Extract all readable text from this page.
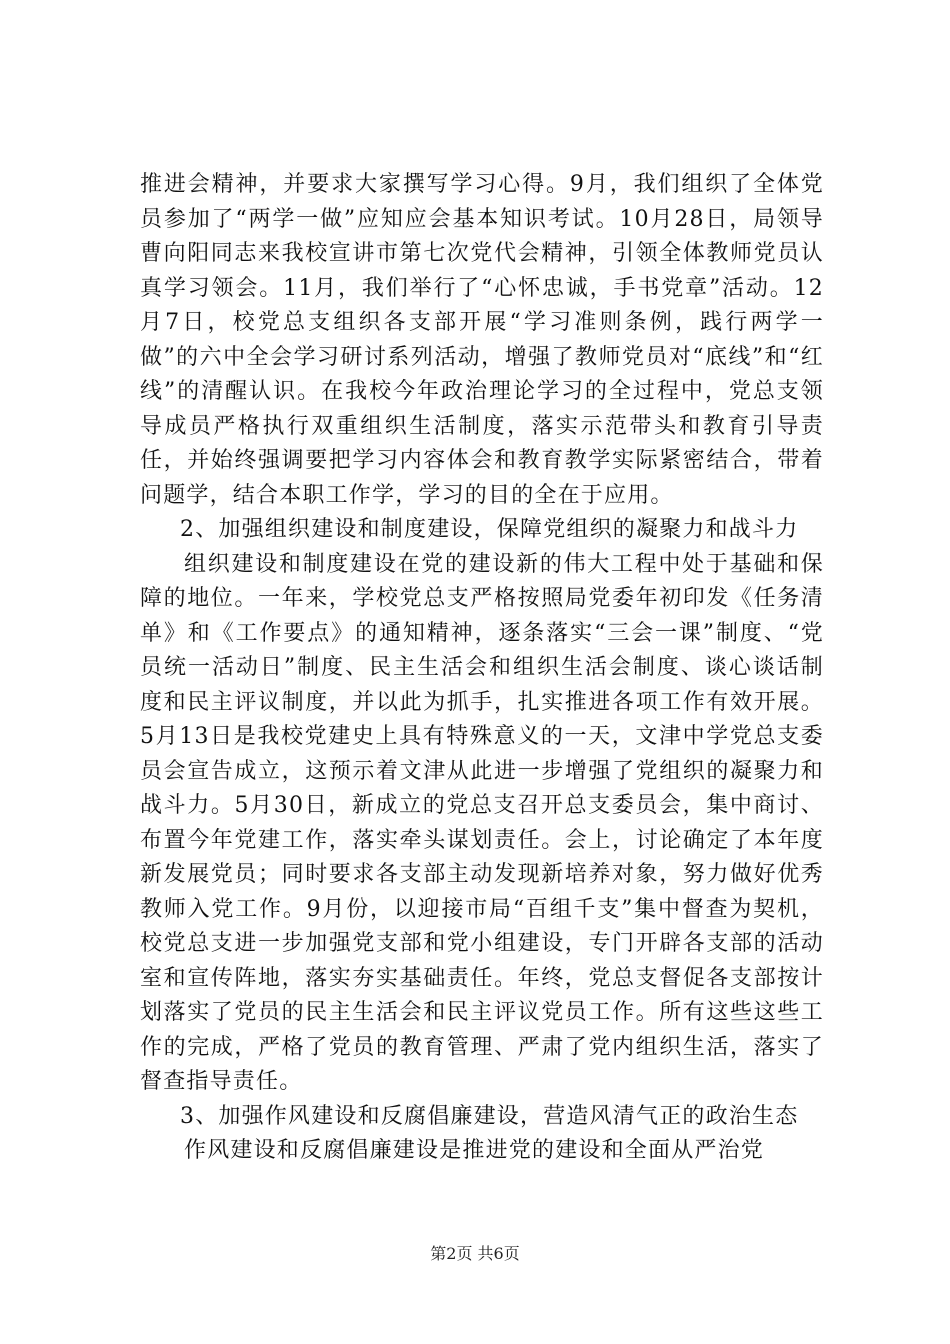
推进会精神，并要求大家撰写学习心得。9月，我们组织了全体党员参加了“两学一做”应知应会基本知识考试。10月28日，局领导曹向阳同志来我校宣讲市第七次党代会精神，引领全体教师党员认真学习领会。11月，我们举行了“心怀忠诚，手书党章”活动。12月7日，校党总支组织各支部开展“学习准则条例，践行两学一做”的六中全会学习研讨系列活动，增强了教师党员对“底线”和“红线”的清醒认识。在我校今年政治理论学习的全过程中，党总支领导成员严格执行双重组织生活制度，落实示范带头和教育引导责任，并始终强调要把学习内容体会和教育教学实际紧密结合，带着问题学，结合本职工作学，学习的目的全在于应用。

2、加强组织建设和制度建设，保障党组织的凝聚力和战斗力

组织建设和制度建设在党的建设新的伟大工程中处于基础和保障的地位。一年来，学校党总支严格按照局党委年初印发《任务清单》和《工作要点》的通知精神，逐条落实“三会一课”制度、“党员统一活动日”制度、民主生活会和组织生活会制度、谈心谈话制度和民主评议制度，并以此为抓手，扎实推进各项工作有效开展。5月13日是我校党建史上具有特殊意义的一天，文津中学党总支委员会宣告成立，这预示着文津从此进一步增强了党组织的凝聚力和战斗力。5月30日，新成立的党总支召开总支委员会，集中商讨、布置今年党建工作，落实牵头谋划责任。会上，讨论确定了本年度新发展党员；同时要求各支部主动发现新培养对象，努力做好优秀教师入党工作。9月份，以迎接市局“百组千支”集中督查为契机，校党总支进一步加强党支部和党小组建设，专门开辟各支部的活动室和宣传阵地，落实夯实基础责任。年终，党总支督促各支部按计划落实了党员的民主生活会和民主评议党员工作。所有这些这些工作的完成，严格了党员的教育管理、严肃了党内组织生活，落实了督查指导责任。

3、加强作风建设和反腐倡廉建设，营造风清气正的政治生态

作风建设和反腐倡廉建设是推进党的建设和全面从严治党

第2页 共6页
